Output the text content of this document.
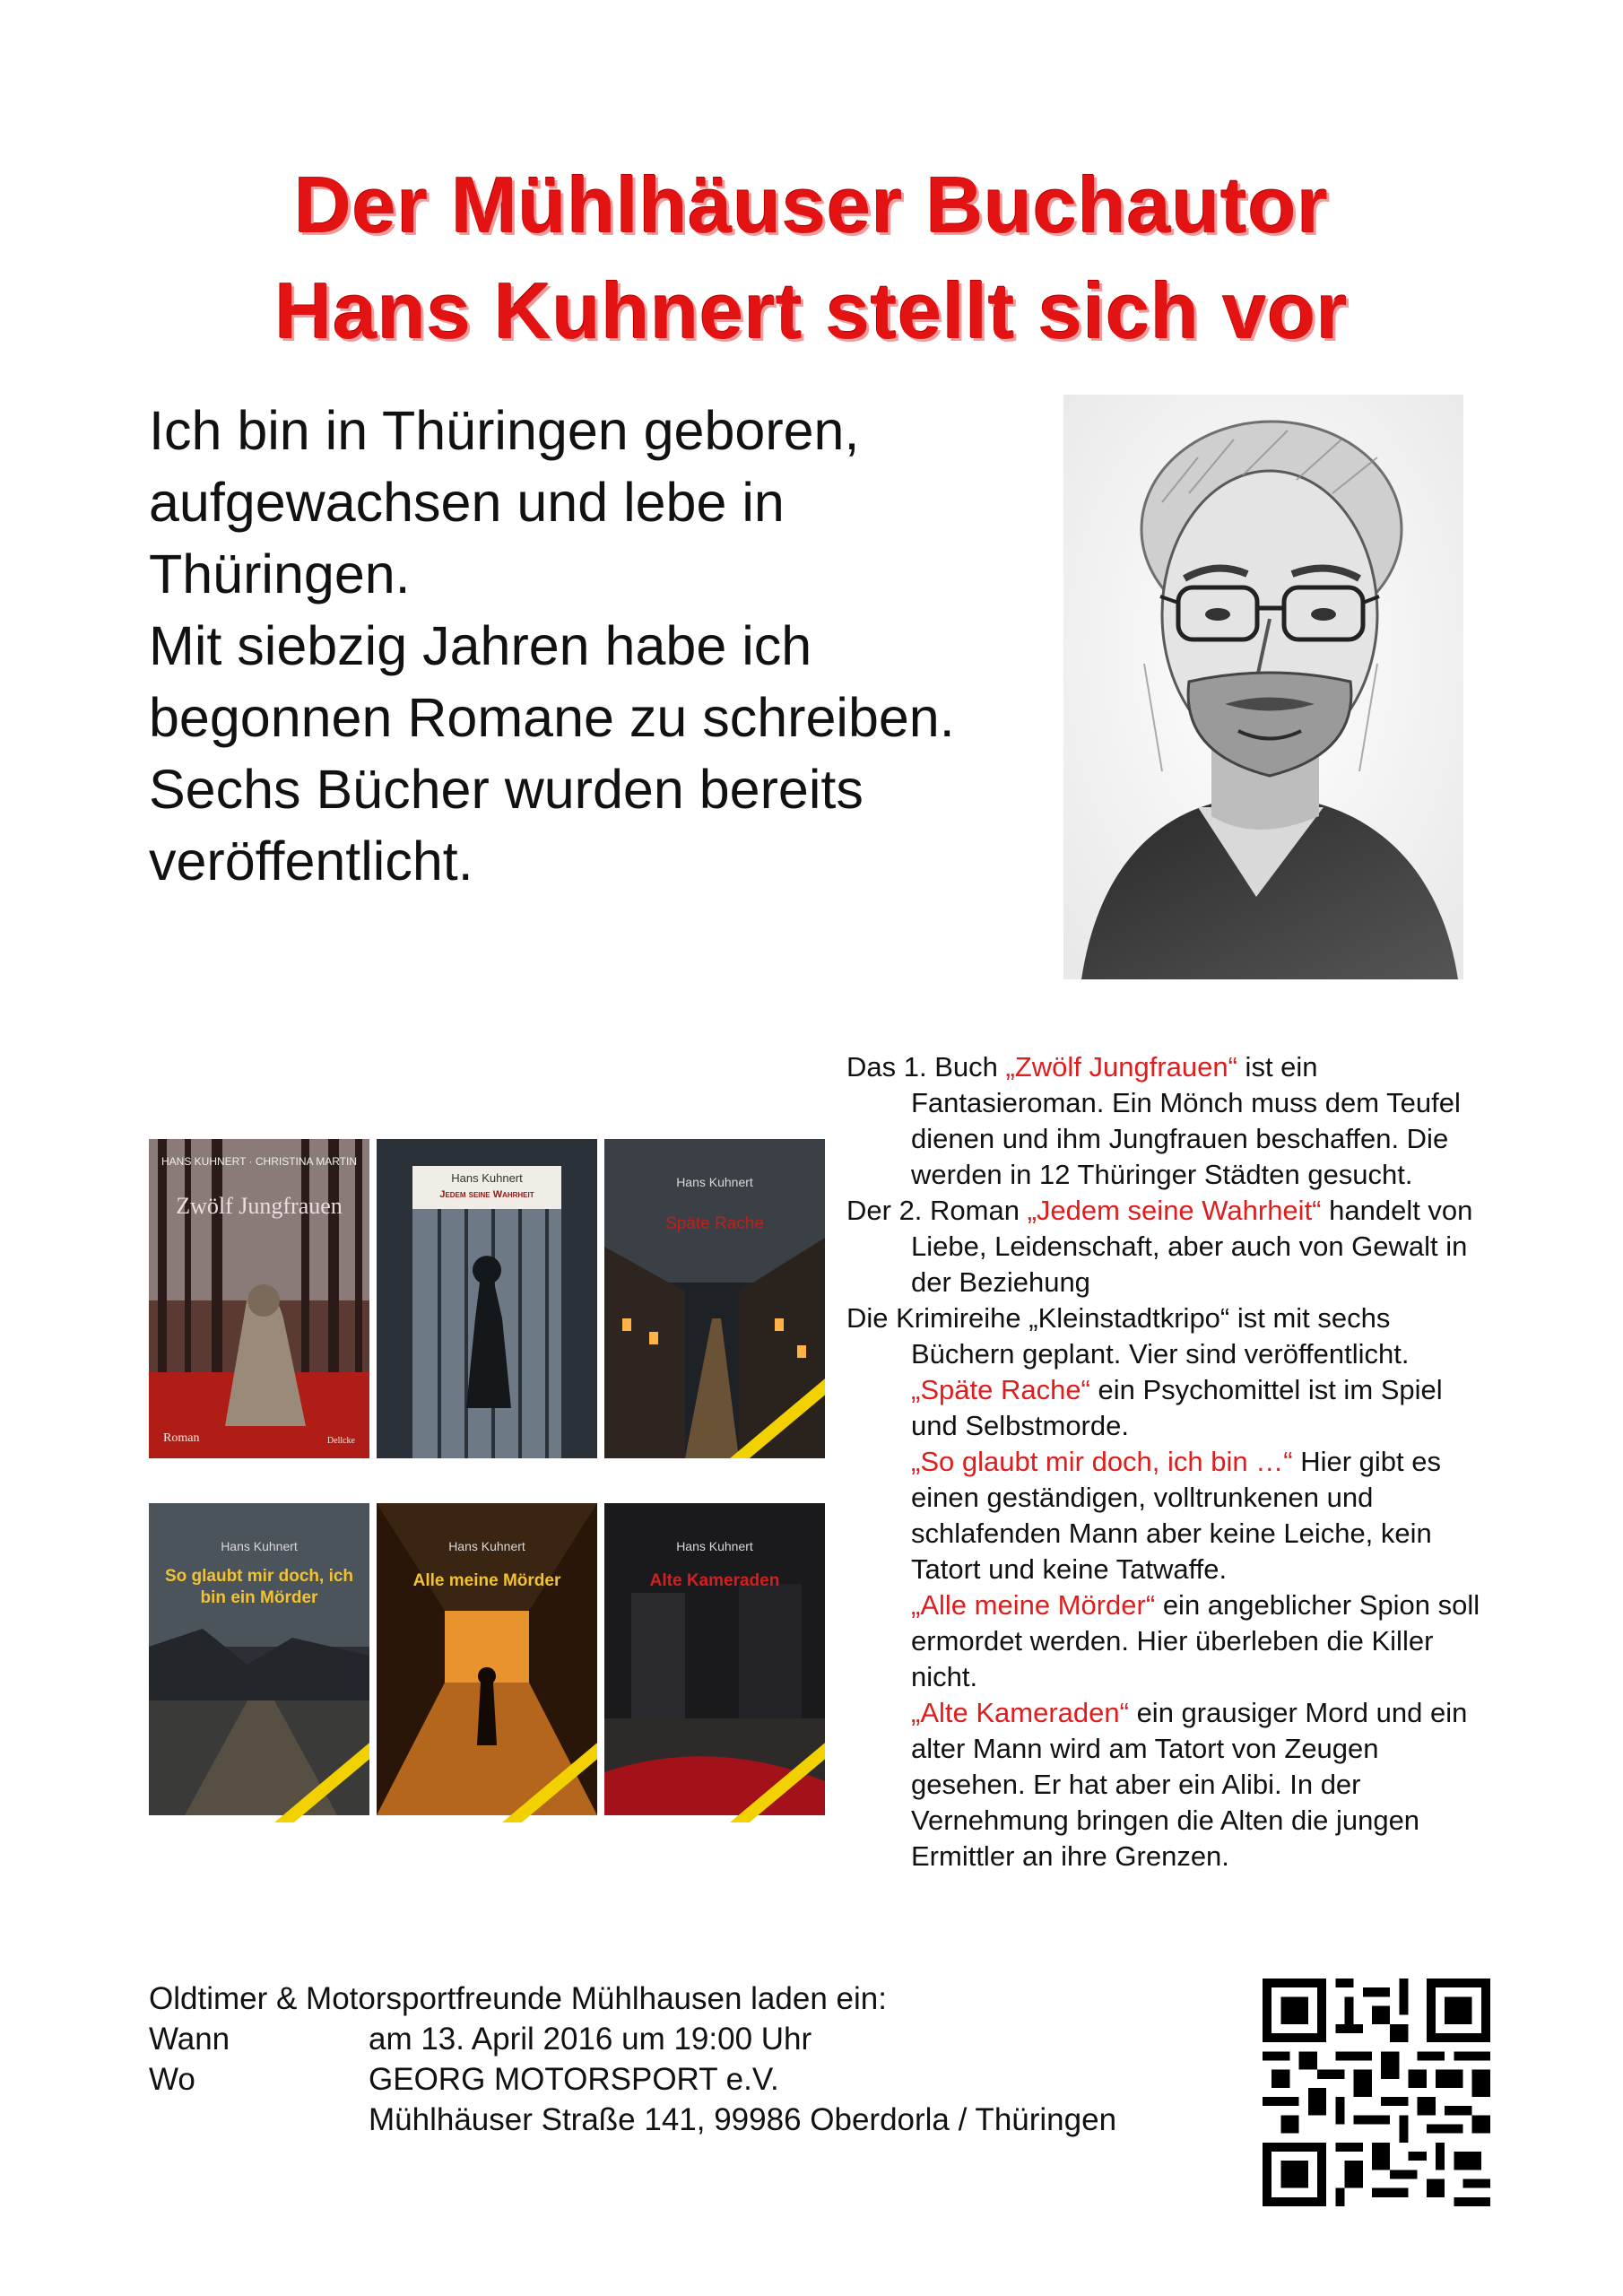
Der Mühlhäuser Buchautor
Hans Kuhnert stellt sich vor

Ich bin in Thüringen geboren, aufgewachsen und lebe in Thüringen.

Mit siebzig Jahren habe ich begonnen Romane zu schreiben.

Sechs Bücher wurden bereits veröffentlicht.

HANS KUHNERT · CHRISTINA MARTIN
Zwölf Jungfrauen
Roman	Dellcke
Hans Kuhnert
Jedem seine Wahrheit
Hans Kuhnert
Späte Rache
Hans Kuhnert
So glaubt mir doch, ich bin ein Mörder
Hans Kuhnert
Alle meine Mörder
Hans Kuhnert
Alte Kameraden

Das 1. Buch „Zwölf Jungfrauen“ ist ein Fantasieroman. Ein Mönch muss dem Teufel dienen und ihm Jungfrauen beschaffen. Die werden in 12 Thüringer Städten gesucht.

Der 2. Roman „Jedem seine Wahrheit“ handelt von Liebe, Leidenschaft, aber auch von Gewalt in der Beziehung

Die Krimireihe „Kleinstadtkripo“ ist mit sechs Büchern geplant. Vier sind veröffentlicht.

„Späte Rache“ ein Psychomittel ist im Spiel und Selbstmorde.

„So glaubt mir doch, ich bin …“ Hier gibt es einen geständigen, volltrunkenen und schlafenden Mann aber keine Leiche, kein Tatort und keine Tatwaffe.

„Alle meine Mörder“ ein angeblicher Spion soll ermordet werden. Hier überleben die Killer nicht.

„Alte Kameraden“ ein grausiger Mord und ein alter Mann wird am Tatort von Zeugen gesehen. Er hat aber ein Alibi. In der Vernehmung bringen die Alten die jungen Ermittler an ihre Grenzen.

Oldtimer & Motorsportfreunde Mühlhausen laden ein:
Wann	am 13. April 2016 um 19:00 Uhr
Wo	GEORG MOTORSPORT e.V.
Mühlhäuser Straße 141, 99986 Oberdorla / Thüringen
